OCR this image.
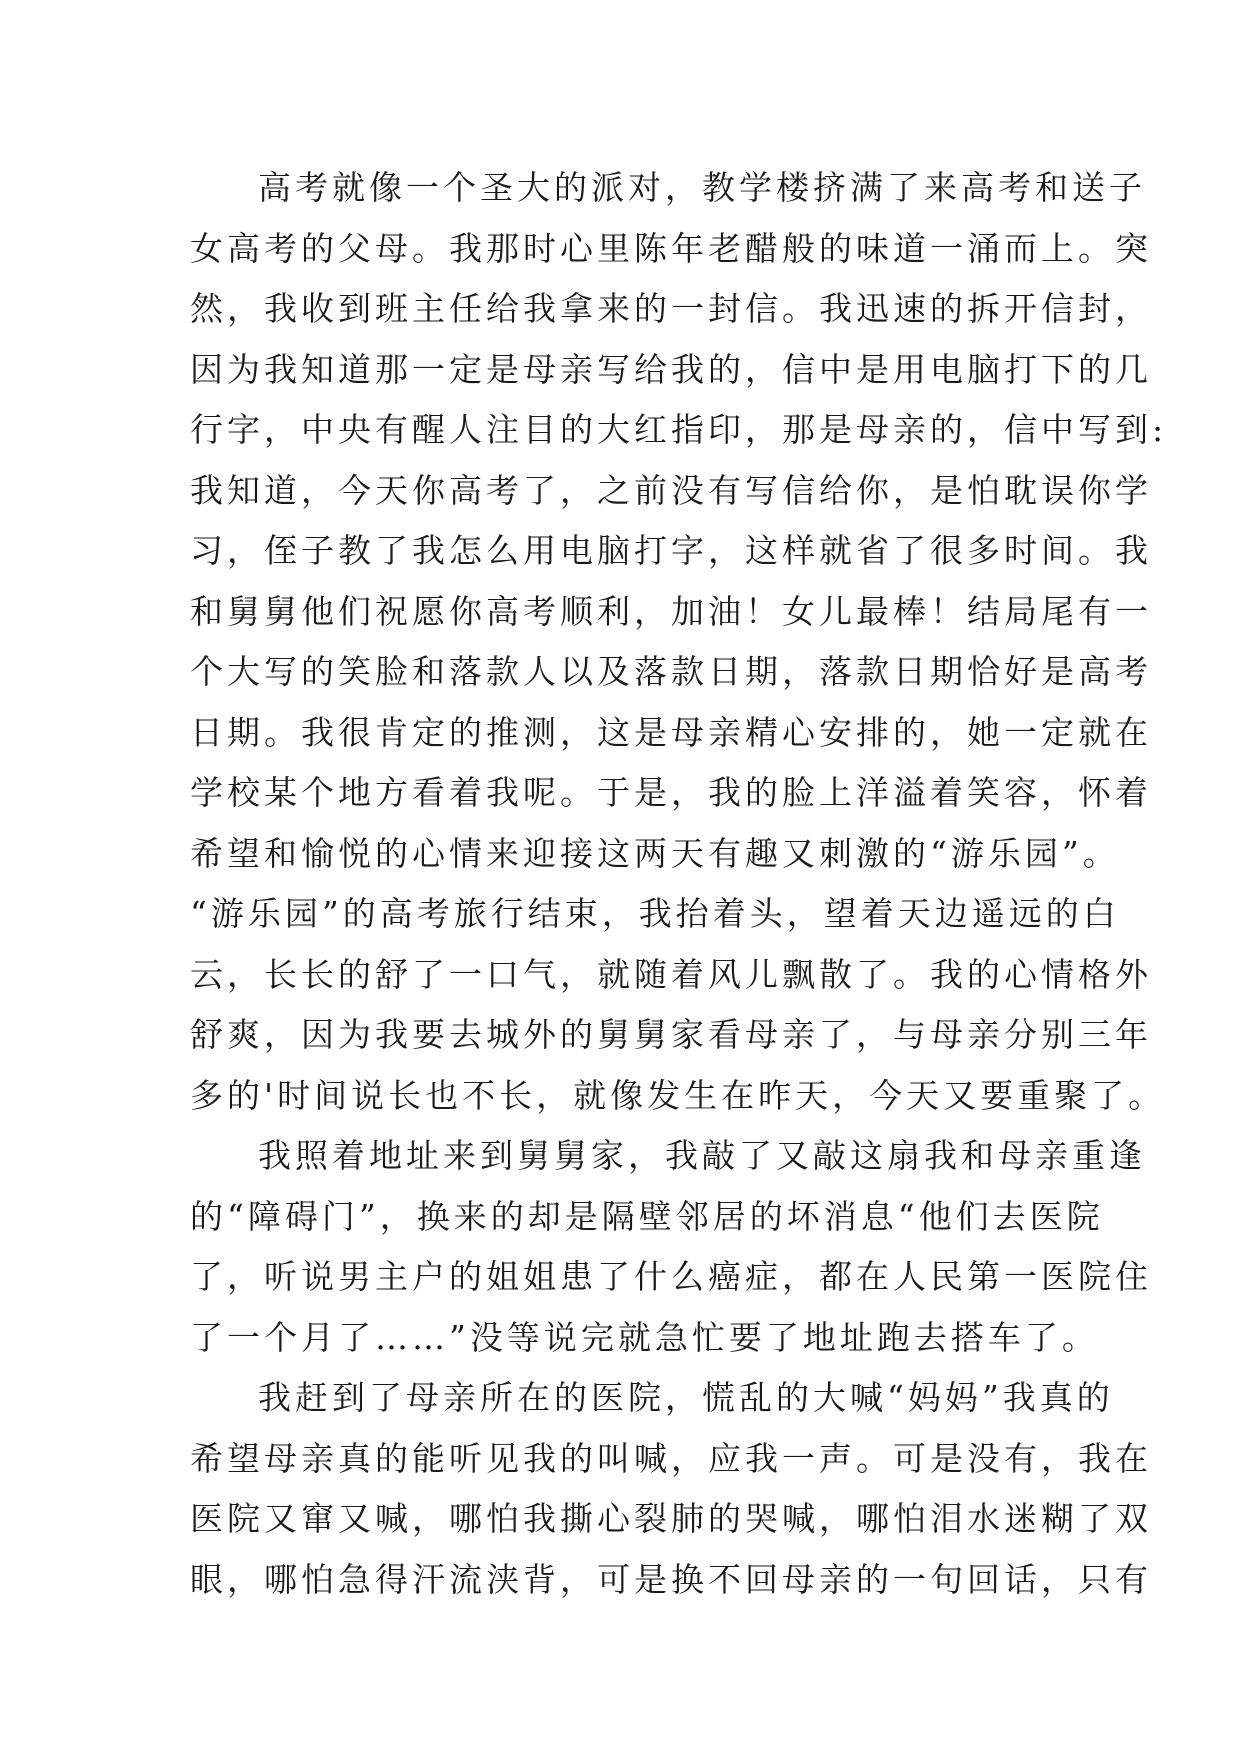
高考就像一个圣大的派对，教学楼挤满了来高考和送子
女高考的父母。我那时心里陈年老醋般的味道一涌而上。突
然，我收到班主任给我拿来的一封信。我迅速的拆开信封，
因为我知道那一定是母亲写给我的，信中是用电脑打下的几
行字，中央有醒人注目的大红指印，那是母亲的，信中写到:
我知道，今天你高考了，之前没有写信给你，是怕耽误你学
习，侄子教了我怎么用电脑打字，这样就省了很多时间。我
和舅舅他们祝愿你高考顺利，加油！女儿最棒！结局尾有一
个大写的笑脸和落款人以及落款日期，落款日期恰好是高考
日期。我很肯定的推测，这是母亲精心安排的，她一定就在
学校某个地方看着我呢。于是，我的脸上洋溢着笑容，怀着
希望和愉悦的心情来迎接这两天有趣又刺激的“游乐园”。
“游乐园”的高考旅行结束，我抬着头，望着天边遥远的白
云，长长的舒了一口气，就随着风儿飘散了。我的心情格外
舒爽，因为我要去城外的舅舅家看母亲了，与母亲分别三年
多的'时间说长也不长，就像发生在昨天，今天又要重聚了。
我照着地址来到舅舅家，我敲了又敲这扇我和母亲重逢
的“障碍门”，换来的却是隔壁邻居的坏消息“他们去医院
了，听说男主户的姐姐患了什么癌症，都在人民第一医院住
了一个月了……”没等说完就急忙要了地址跑去搭车了。
我赶到了母亲所在的医院，慌乱的大喊“妈妈”我真的
希望母亲真的能听见我的叫喊，应我一声。可是没有，我在
医院又窜又喊，哪怕我撕心裂肺的哭喊，哪怕泪水迷糊了双
眼，哪怕急得汗流浃背，可是换不回母亲的一句回话，只有
